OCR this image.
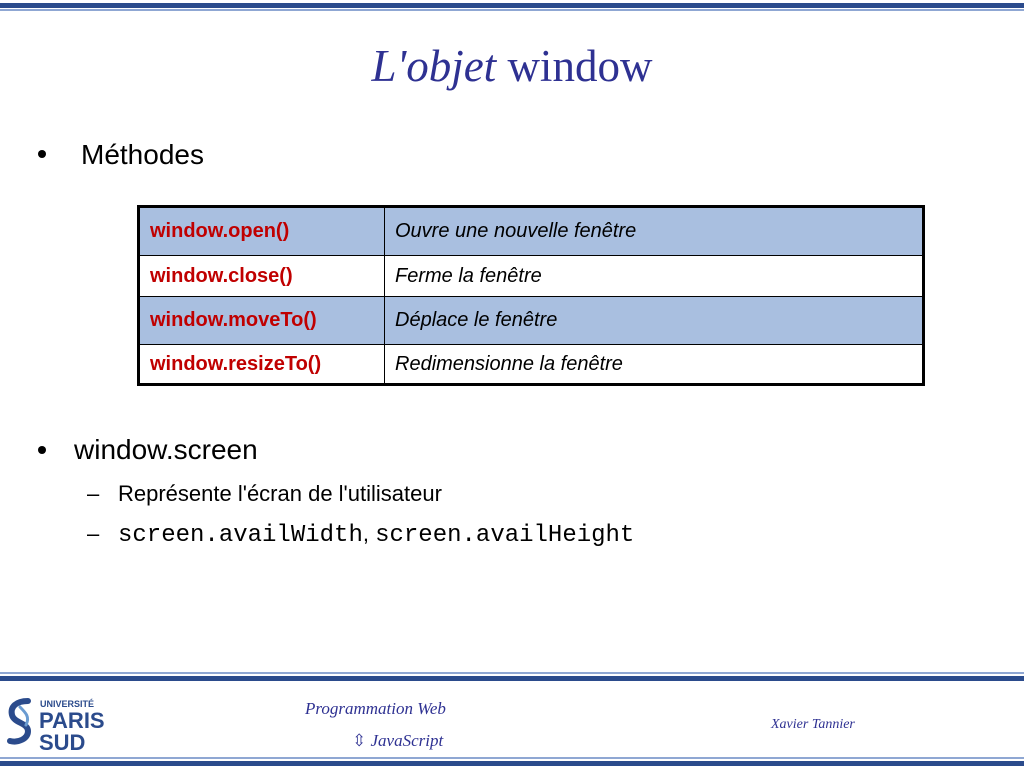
L'objet window
Méthodes
window.open()	Ouvre une nouvelle fenêtre
window.close()	Ferme la fenêtre
window.moveTo()	Déplace le fenêtre
window.resizeTo()	Redimensionne la fenêtre
window.screen
– Représente l'écran de l'utilisateur
– screen.availWidth, screen.availHeight
UNIVERSITÉ
PARIS
SUD
Programmation Web
⇳ JavaScript
Xavier Tannier
